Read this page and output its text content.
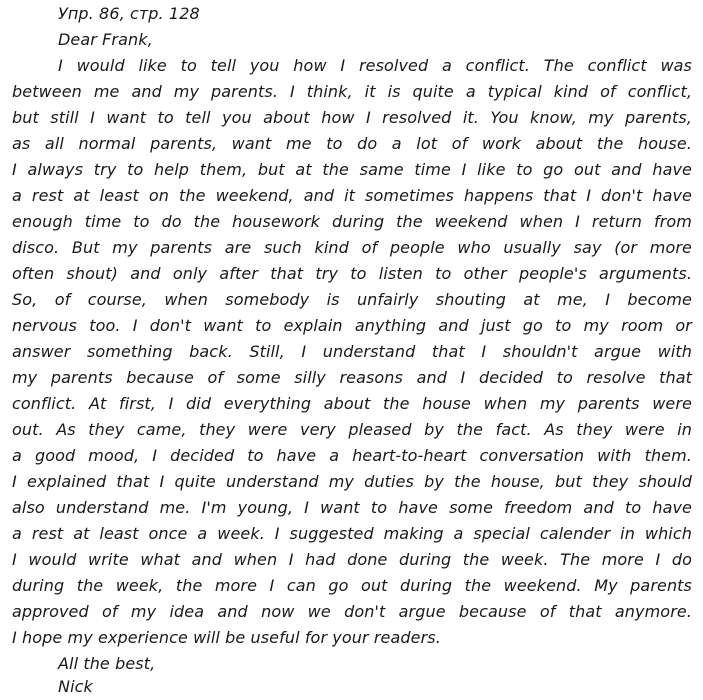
Упр. 86, стр. 128
Dear Frank,
I would like to tell you how I resolved a conflict. The conflict was
between me and my parents. I think, it is quite a typical kind of conflict,
but still I want to tell you about how I resolved it. You know, my parents,
as all normal parents, want me to do a lot of work about the house.
I always try to help them, but at the same time I like to go out and have
a rest at least on the weekend, and it sometimes happens that I don't have
enough time to do the housework during the weekend when I return from
disco. But my parents are such kind of people who usually say (or more
often shout) and only after that try to listen to other people's arguments.
So, of course, when somebody is unfairly shouting at me, I become
nervous too. I don't want to explain anything and just go to my room or
answer something back. Still, I understand that I shouldn't argue with
my parents because of some silly reasons and I decided to resolve that
conflict. At first, I did everything about the house when my parents were
out. As they came, they were very pleased by the fact. As they were in
a good mood, I decided to have a heart-to-heart conversation with them.
I explained that I quite understand my duties by the house, but they should
also understand me. I'm young, I want to have some freedom and to have
a rest at least once a week. I suggested making a special calender in which
I would write what and when I had done during the week. The more I do
during the week, the more I can go out during the weekend. My parents
approved of my idea and now we don't argue because of that anymore.
I hope my experience will be useful for your readers.
All the best,
Nick
